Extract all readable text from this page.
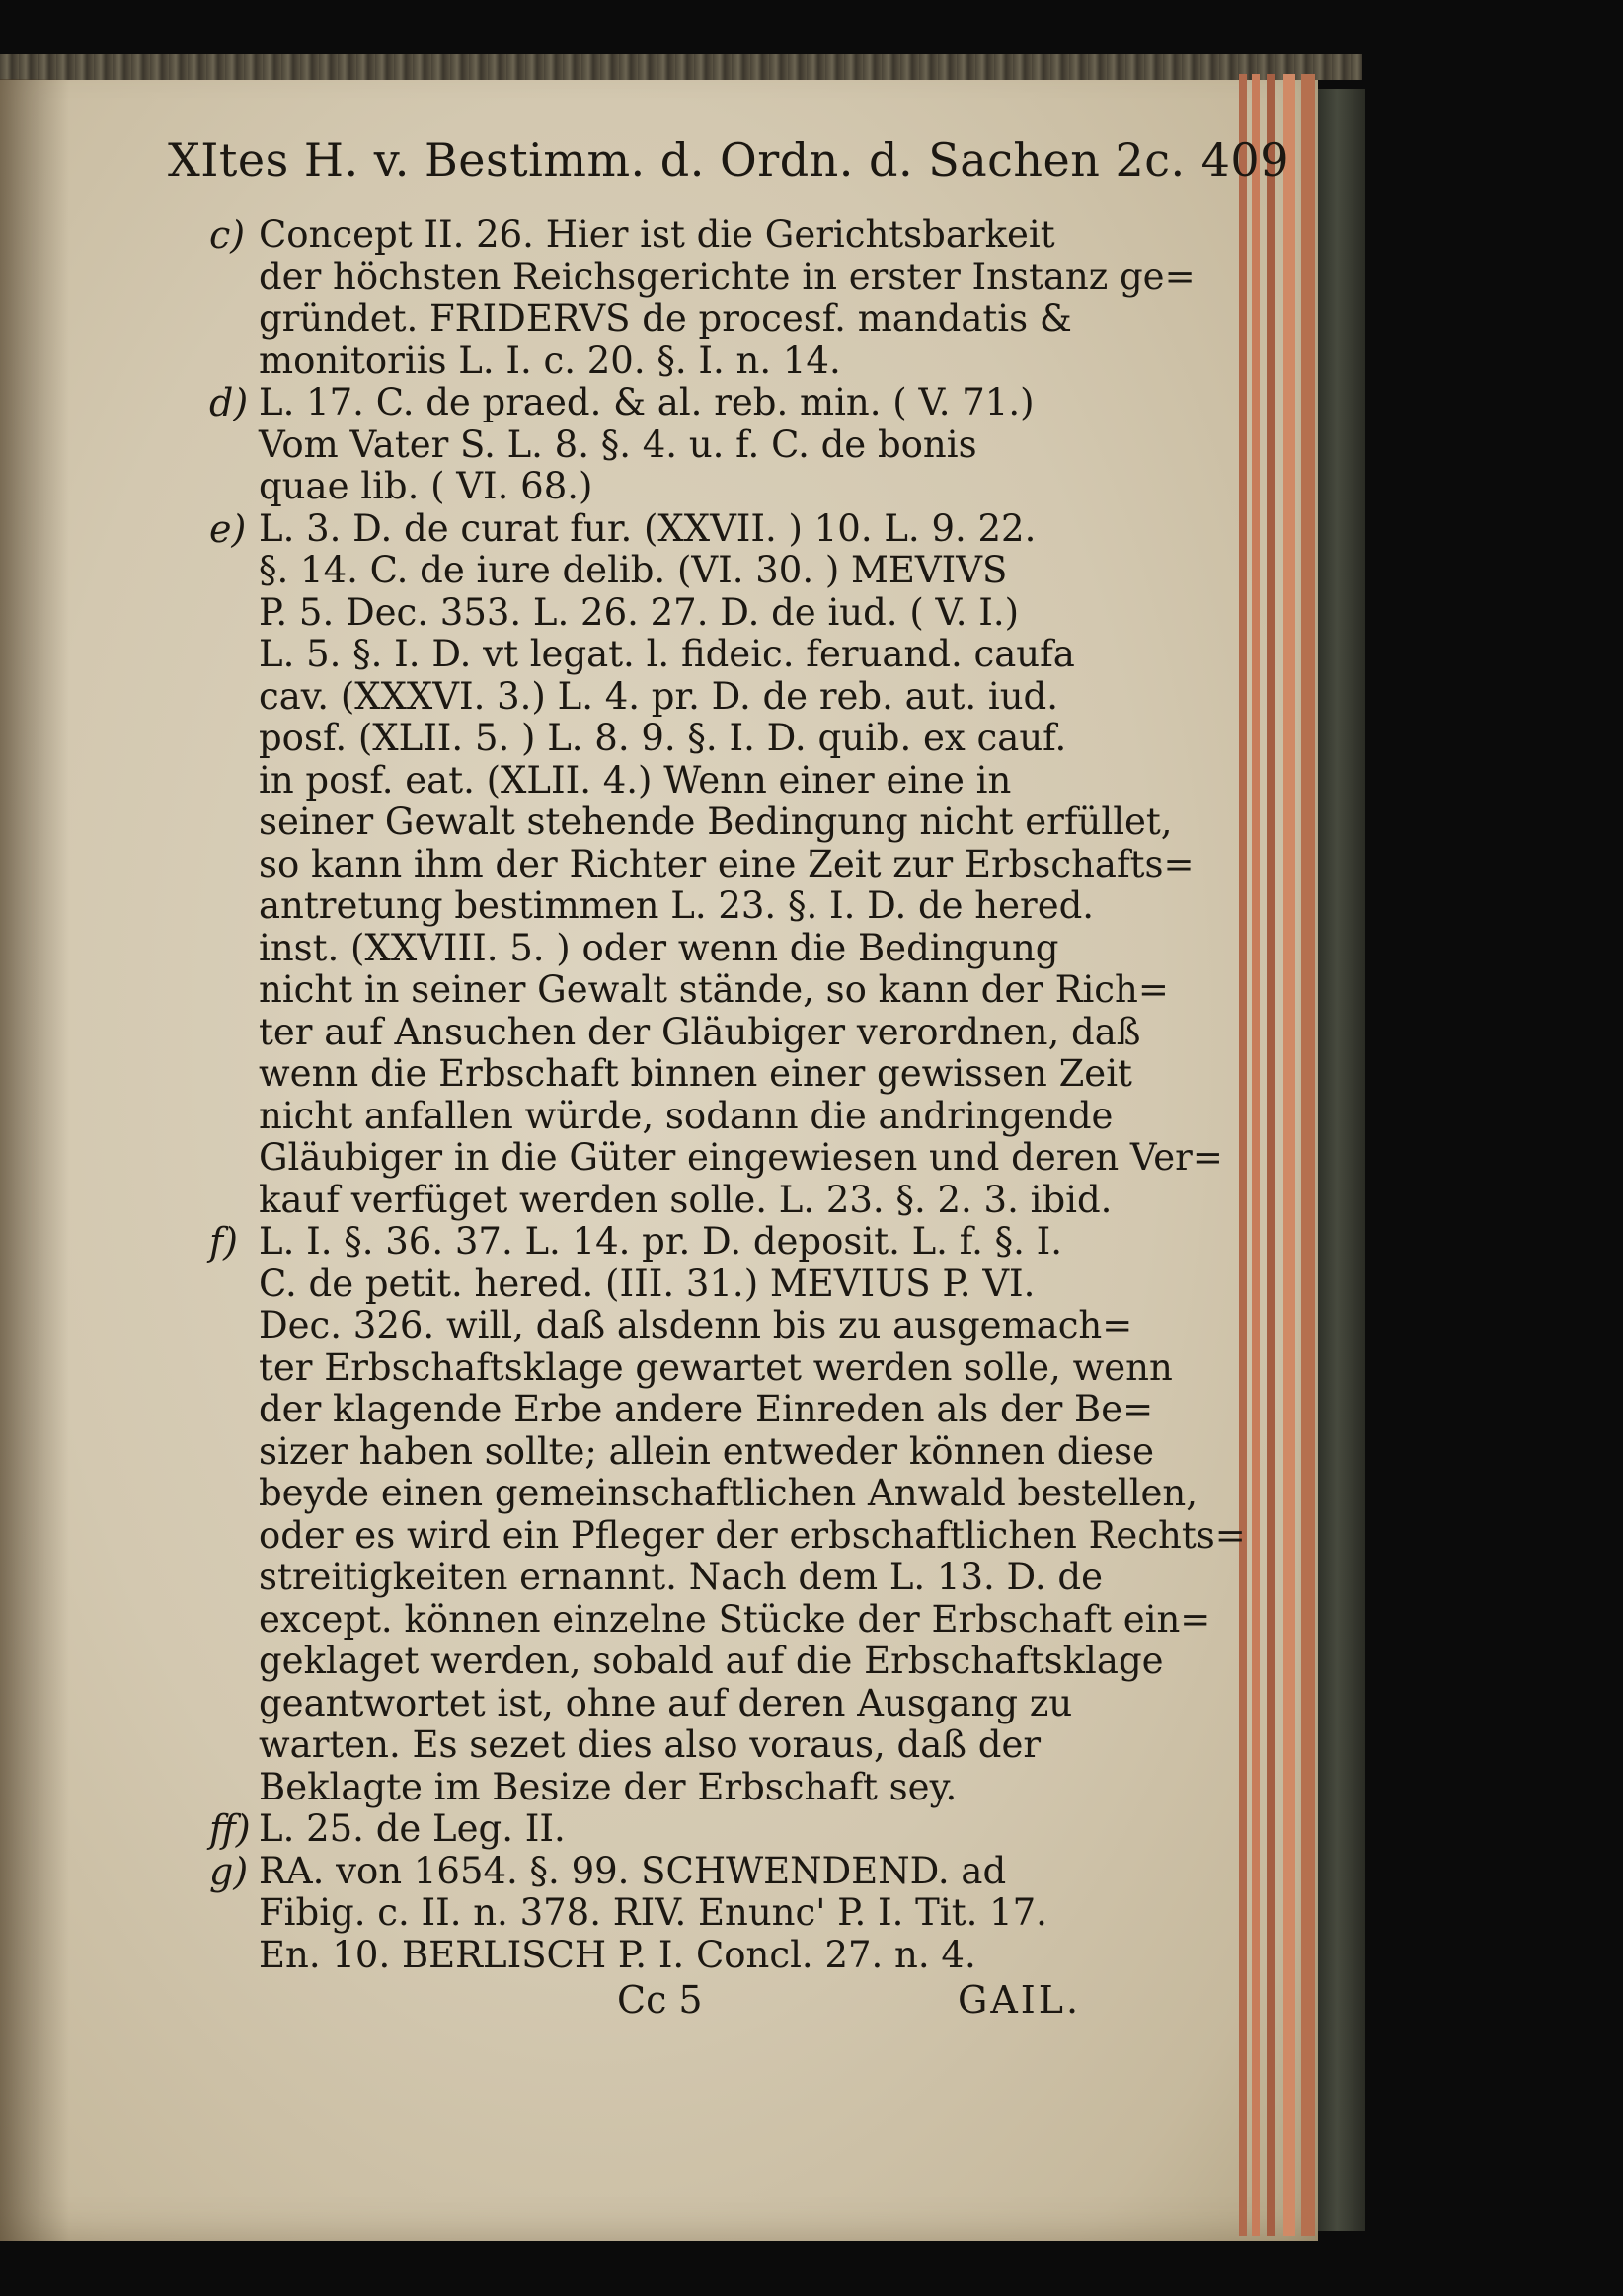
XItes H. v. Bestimm. d. Ordn. d. Sachen 2c. 409
c) Concept II. 26. Hier ist die Gerichtsbarkeit
der höchsten Reichsgerichte in erster Instanz ge=
gründet. FRIDERVS de procesf. mandatis &
monitoriis L. I. c. 20. §. I. n. 14.
d) L. 17. C. de praed. & al. reb. min. ( V. 71.)
Vom Vater S. L. 8. §. 4. u. f. C. de bonis
quae lib. ( VI. 68.)
e) L. 3. D. de curat fur. (XXVII. ) 10. L. 9. 22.
§. 14. C. de iure delib. (VI. 30. ) MEVIVS
P. 5. Dec. 353. L. 26. 27. D. de iud. ( V. I.)
L. 5. §. I. D. vt legat. l. fideic. feruand. caufa
cav. (XXXVI. 3.) L. 4. pr. D. de reb. aut. iud.
posf. (XLII. 5. ) L. 8. 9. §. I. D. quib. ex cauf.
in posf. eat. (XLII. 4.) Wenn einer eine in
seiner Gewalt stehende Bedingung nicht erfüllet,
so kann ihm der Richter eine Zeit zur Erbschafts=
antretung bestimmen L. 23. §. I. D. de hered.
inst. (XXVIII. 5. ) oder wenn die Bedingung
nicht in seiner Gewalt stände, so kann der Rich=
ter auf Ansuchen der Gläubiger verordnen, daß
wenn die Erbschaft binnen einer gewissen Zeit
nicht anfallen würde, sodann die andringende
Gläubiger in die Güter eingewiesen und deren Ver=
kauf verfüget werden solle. L. 23. §. 2. 3. ibid.
f) L. I. §. 36. 37. L. 14. pr. D. deposit. L. f. §. I.
C. de petit. hered. (III. 31.) MEVIUS P. VI.
Dec. 326. will, daß alsdenn bis zu ausgemach=
ter Erbschaftsklage gewartet werden solle, wenn
der klagende Erbe andere Einreden als der Be=
sizer haben sollte; allein entweder können diese
beyde einen gemeinschaftlichen Anwald bestellen,
oder es wird ein Pfleger der erbschaftlichen Rechts=
streitigkeiten ernannt. Nach dem L. 13. D. de
except. können einzelne Stücke der Erbschaft ein=
geklaget werden, sobald auf die Erbschaftsklage
geantwortet ist, ohne auf deren Ausgang zu
warten. Es sezet dies also voraus, daß der
Beklagte im Besize der Erbschaft sey.
ff) L. 25. de Leg. II.
g) RA. von 1654. §. 99. SCHWENDEND. ad
Fibig. c. II. n. 378. RIV. Enunc' P. I. Tit. 17.
En. 10. BERLISCH P. I. Concl. 27. n. 4.
Cc 5	GAIL.
